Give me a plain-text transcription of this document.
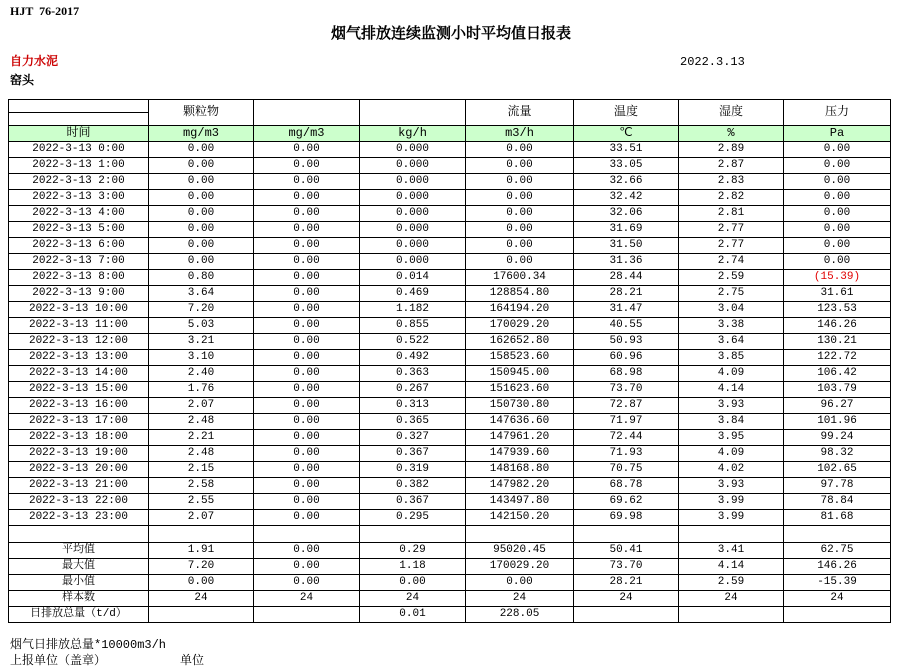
HJT  76-2017
烟气排放连续监测小时平均值日报表
自力水泥
窑头
2022.3.13
	颗粒物			流量	温度	湿度	压力

时间	mg/m3	mg/m3	kg/h	m3/h	℃	%	Pa
2022-3-13 0:00	0.00	0.00	0.000	0.00	33.51	2.89	0.00
2022-3-13 1:00	0.00	0.00	0.000	0.00	33.05	2.87	0.00
2022-3-13 2:00	0.00	0.00	0.000	0.00	32.66	2.83	0.00
2022-3-13 3:00	0.00	0.00	0.000	0.00	32.42	2.82	0.00
2022-3-13 4:00	0.00	0.00	0.000	0.00	32.06	2.81	0.00
2022-3-13 5:00	0.00	0.00	0.000	0.00	31.69	2.77	0.00
2022-3-13 6:00	0.00	0.00	0.000	0.00	31.50	2.77	0.00
2022-3-13 7:00	0.00	0.00	0.000	0.00	31.36	2.74	0.00
2022-3-13 8:00	0.80	0.00	0.014	17600.34	28.44	2.59	(15.39)
2022-3-13 9:00	3.64	0.00	0.469	128854.80	28.21	2.75	31.61
2022-3-13 10:00	7.20	0.00	1.182	164194.20	31.47	3.04	123.53
2022-3-13 11:00	5.03	0.00	0.855	170029.20	40.55	3.38	146.26
2022-3-13 12:00	3.21	0.00	0.522	162652.80	50.93	3.64	130.21
2022-3-13 13:00	3.10	0.00	0.492	158523.60	60.96	3.85	122.72
2022-3-13 14:00	2.40	0.00	0.363	150945.00	68.98	4.09	106.42
2022-3-13 15:00	1.76	0.00	0.267	151623.60	73.70	4.14	103.79
2022-3-13 16:00	2.07	0.00	0.313	150730.80	72.87	3.93	96.27
2022-3-13 17:00	2.48	0.00	0.365	147636.60	71.97	3.84	101.96
2022-3-13 18:00	2.21	0.00	0.327	147961.20	72.44	3.95	99.24
2022-3-13 19:00	2.48	0.00	0.367	147939.60	71.93	4.09	98.32
2022-3-13 20:00	2.15	0.00	0.319	148168.80	70.75	4.02	102.65
2022-3-13 21:00	2.58	0.00	0.382	147982.20	68.78	3.93	97.78
2022-3-13 22:00	2.55	0.00	0.367	143497.80	69.62	3.99	78.84
2022-3-13 23:00	2.07	0.00	0.295	142150.20	69.98	3.99	81.68

平均值	1.91	0.00	0.29	95020.45	50.41	3.41	62.75
最大值	7.20	0.00	1.18	170029.20	73.70	4.14	146.26
最小值	0.00	0.00	0.00	0.00	28.21	2.59	-15.39
样本数	24	24	24	24	24	24	24
日排放总量（t/d）			0.01	228.05			
烟气日排放总量*10000m3/h
上报单位（盖章）	单位
